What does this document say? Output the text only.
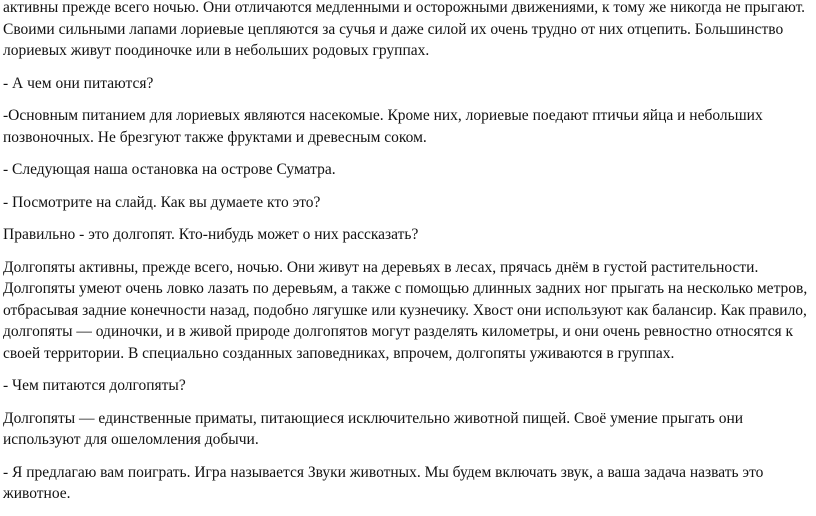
активны прежде всего ночью. Они отличаются медленными и осторожными движениями, к тому же никогда не прыгают. Своими сильными лапами лориевые цепляются за сучья и даже силой их очень трудно от них отцепить. Большинство лориевых живут поодиночке или в небольших родовых группах.

- А чем они питаются?

-Основным питанием для лориевых являются насекомые. Кроме них, лориевые поедают птичьи яйца и небольших позвоночных. Не брезгуют также фруктами и древесным соком.

- Следующая наша остановка на острове Суматра.

- Посмотрите на слайд. Как вы думаете кто это?

Правильно - это долгопят. Кто-нибудь может о них рассказать?

Долгопяты активны, прежде всего, ночью. Они живут на деревьях в лесах, прячась днём в густой растительности. Долгопяты умеют очень ловко лазать по деревьям, а также с помощью длинных задних ног прыгать на несколько метров, отбрасывая задние конечности назад, подобно лягушке или кузнечику. Хвост они используют как балансир. Как правило, долгопяты — одиночки, и в живой природе долгопятов могут разделять километры, и они очень ревностно относятся к своей территории. В специально созданных заповедниках, впрочем, долгопяты уживаются в группах.

- Чем питаются долгопяты?

Долгопяты — единственные приматы, питающиеся исключительно животной пищей. Своё умение прыгать они используют для ошеломления добычи.

- Я предлагаю вам поиграть. Игра называется Звуки животных. Мы будем включать звук, а ваша задача назвать это животное.
